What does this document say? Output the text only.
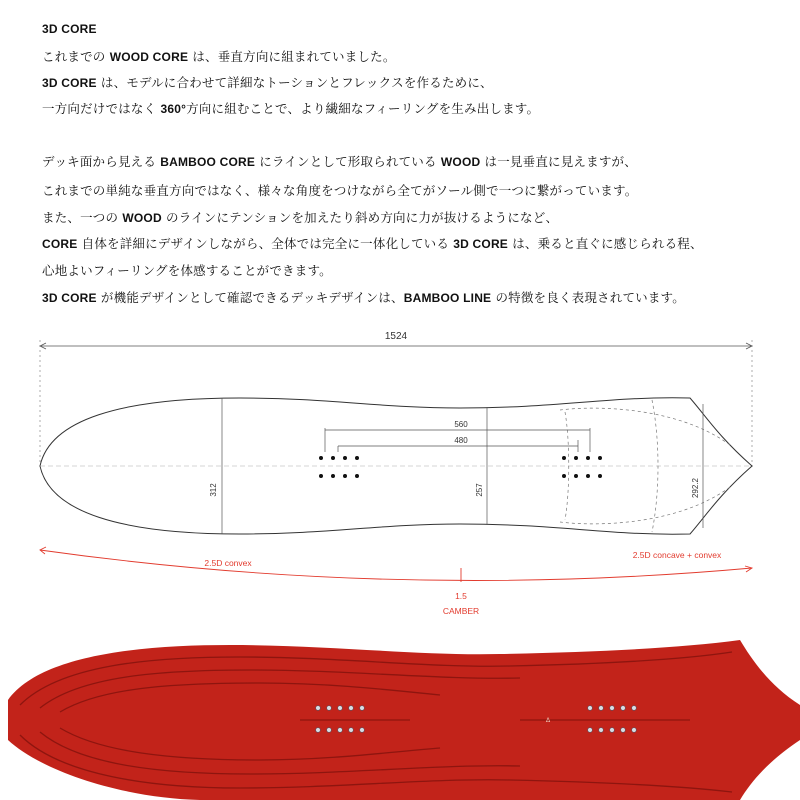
3D CORE
これまでの WOOD CORE は、垂直方向に組まれていました。
3D CORE は、モデルに合わせて詳細なトーションとフレックスを作るために、
一方向だけではなく 360°方向に組むことで、より繊細なフィーリングを生み出します。
デッキ面から見える BAMBOO CORE にラインとして形取られている WOOD は一見垂直に見えますが、
これまでの単純な垂直方向ではなく、様々な角度をつけながら全てがソール側で一つに繋がっています。
また、一つの WOOD のラインにテンションを加えたり斜め方向に力が抜けるようになど、
CORE 自体を詳細にデザインしながら、全体では完全に一体化している 3D CORE は、乗ると直ぐに感じられる程、
心地よいフィーリングを体感することができます。
3D CORE が機能デザインとして確認できるデッキデザインは、BAMBOO LINE の特徴を良く表現されています。
1524
560
480
312	257	292.2
2.5D convex
2.5D concave + convex
1.5
CAMBER
ᐃ
